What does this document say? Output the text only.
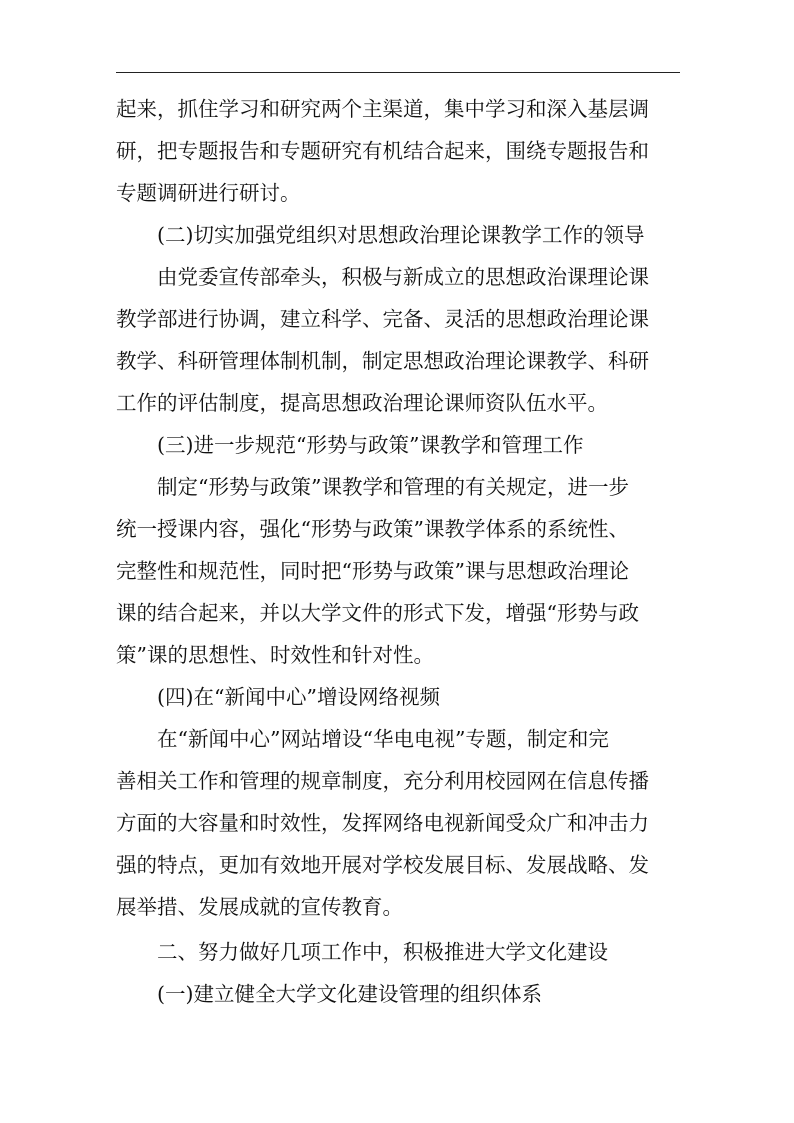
起来，抓住学习和研究两个主渠道，集中学习和深入基层调
研，把专题报告和专题研究有机结合起来，围绕专题报告和
专题调研进行研讨。
(二)切实加强党组织对思想政治理论课教学工作的领导
由党委宣传部牵头，积极与新成立的思想政治课理论课
教学部进行协调，建立科学、完备、灵活的思想政治理论课
教学、科研管理体制机制，制定思想政治理论课教学、科研
工作的评估制度，提高思想政治理论课师资队伍水平。
(三)进一步规范“形势与政策”课教学和管理工作
制定“形势与政策”课教学和管理的有关规定，进一步
统一授课内容，强化“形势与政策”课教学体系的系统性、
完整性和规范性，同时把“形势与政策”课与思想政治理论
课的结合起来，并以大学文件的形式下发，增强“形势与政
策”课的思想性、时效性和针对性。
(四)在“新闻中心”增设网络视频
在“新闻中心”网站增设“华电电视”专题，制定和完
善相关工作和管理的规章制度，充分利用校园网在信息传播
方面的大容量和时效性，发挥网络电视新闻受众广和冲击力
强的特点，更加有效地开展对学校发展目标、发展战略、发
展举措、发展成就的宣传教育。
二、努力做好几项工作中，积极推进大学文化建设
(一)建立健全大学文化建设管理的组织体系
